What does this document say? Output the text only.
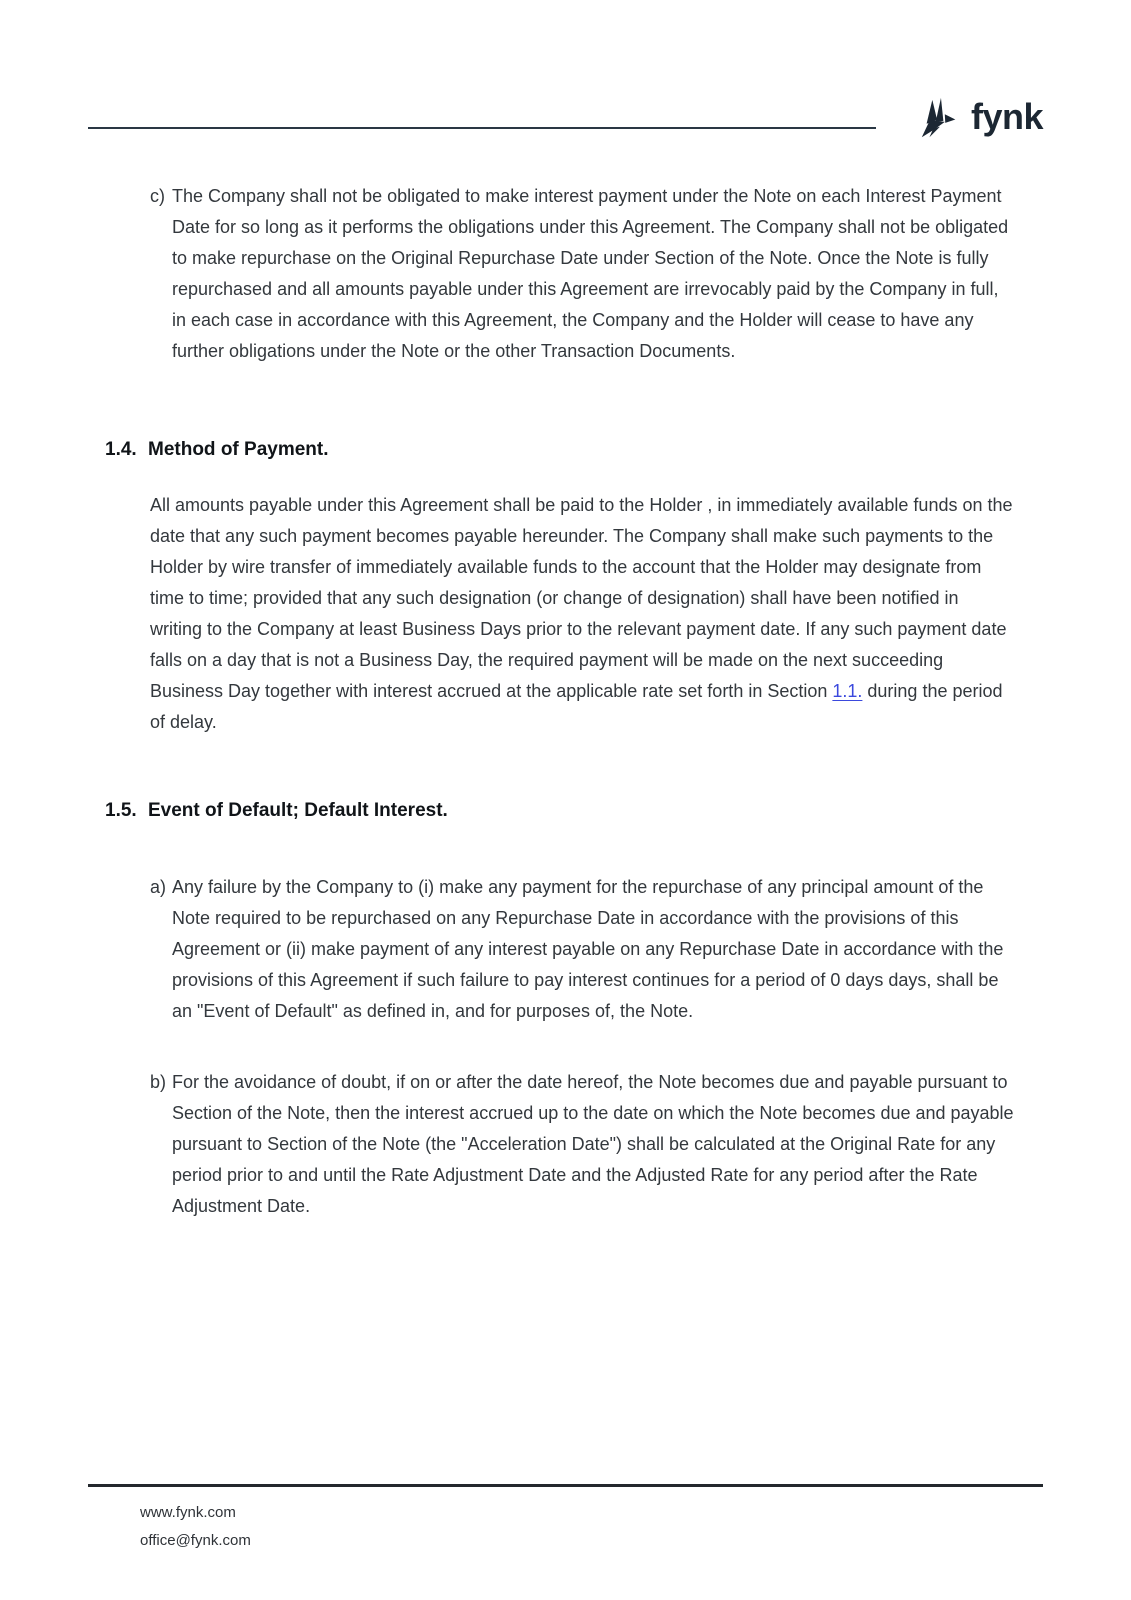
fynk
c) The Company shall not be obligated to make interest payment under the Note on each Interest Payment Date for so long as it performs the obligations under this Agreement. The Company shall not be obligated to make repurchase on the Original Repurchase Date under Section of the Note. Once the Note is fully repurchased and all amounts payable under this Agreement are irrevocably paid by the Company in full, in each case in accordance with this Agreement, the Company and the Holder will cease to have any further obligations under the Note or the other Transaction Documents.
1.4. Method of Payment.
All amounts payable under this Agreement shall be paid to the Holder , in immediately available funds on the date that any such payment becomes payable hereunder. The Company shall make such payments to the Holder by wire transfer of immediately available funds to the account that the Holder may designate from time to time; provided that any such designation (or change of designation) shall have been notified in writing to the Company at least Business Days prior to the relevant payment date. If any such payment date falls on a day that is not a Business Day, the required payment will be made on the next succeeding Business Day together with interest accrued at the applicable rate set forth in Section 1.1. during the period of delay.
1.5. Event of Default; Default Interest.
a) Any failure by the Company to (i) make any payment for the repurchase of any principal amount of the Note required to be repurchased on any Repurchase Date in accordance with the provisions of this Agreement or (ii) make payment of any interest payable on any Repurchase Date in accordance with the provisions of this Agreement if such failure to pay interest continues for a period of 0 days days, shall be an "Event of Default" as defined in, and for purposes of, the Note.
b) For the avoidance of doubt, if on or after the date hereof, the Note becomes due and payable pursuant to Section of the Note, then the interest accrued up to the date on which the Note becomes due and payable pursuant to Section of the Note (the "Acceleration Date") shall be calculated at the Original Rate for any period prior to and until the Rate Adjustment Date and the Adjusted Rate for any period after the Rate Adjustment Date.
www.fynk.com
office@fynk.com
